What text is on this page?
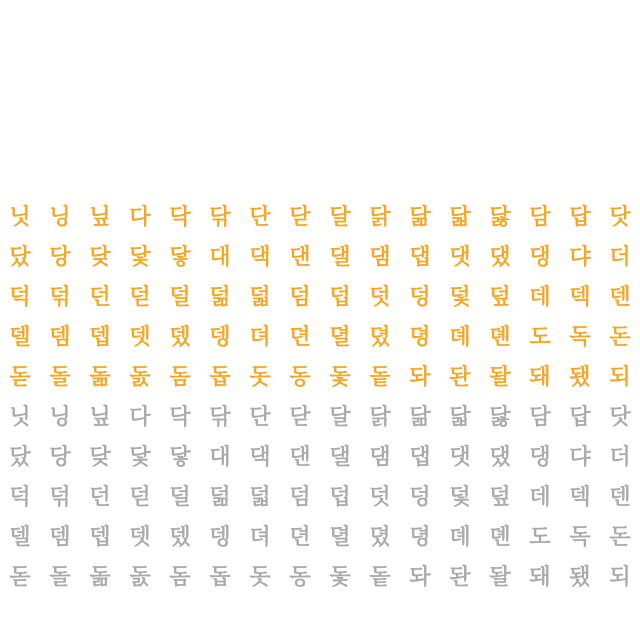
닛 닝 닢 다 닥 닦 단 닫 달 닭 닮 닯 닳 담 답 닷
닸 당 닺 닻 닿 대 댁 댄 댈 댐 댑 댓 댔 댕 댜 더
덕 덖 던 덛 덜 덞 덟 덤 덥 덧 덩 덫 덮 데 덱 덴
델 뎀 뎁 뎃 뎄 뎅 뎌 뎐 뎔 뎠 뎡 뎨 뎬 도 독 돈
돋 돌 돎 돐 돔 돕 돗 동 돛 돝 돠 돤 돨 돼 됐 되
닛 닝 닢 다 닥 닦 단 닫 달 닭 닮 닯 닳 담 답 닷
닸 당 닺 닻 닿 대 댁 댄 댈 댐 댑 댓 댔 댕 댜 더
덕 덖 던 덛 덜 덞 덟 덤 덥 덧 덩 덫 덮 데 덱 덴
델 뎀 뎁 뎃 뎄 뎅 뎌 뎐 뎔 뎠 뎡 뎨 뎬 도 독 돈
돋 돌 돎 돐 돔 돕 돗 동 돛 돝 돠 돤 돨 돼 됐 되
